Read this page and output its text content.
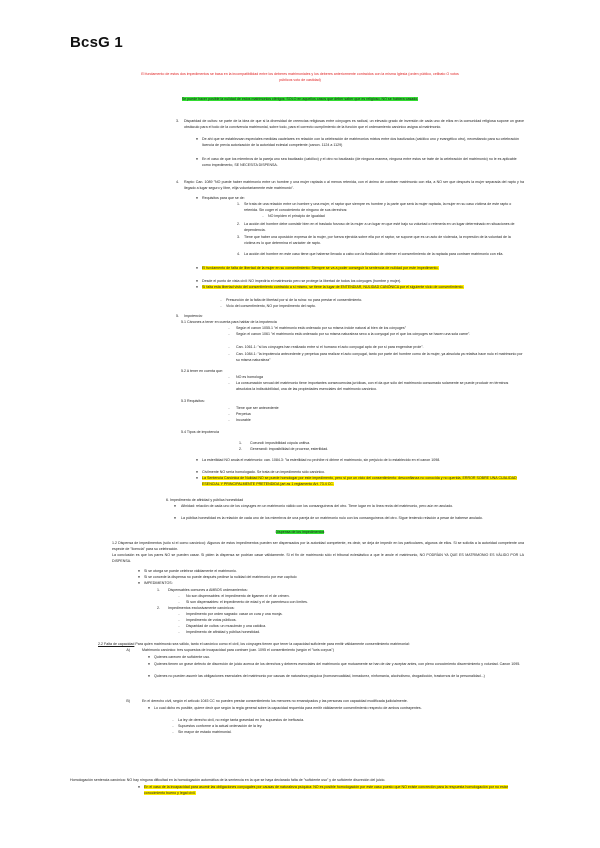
BcsG 1
El fundamento de estos dos impedimentos se basa en la incompatibilidad entre los deberes matrimoniales y los deberes anteriormente contraídos con la misma Iglesia (orden público, celibato O votos públicos voto de castidad)
Se puede hacer posible la nulidad de estos matrimonios clérigos: SOLO en aquellos casos que deber saber que es religioso, NO se hubiera casado.
3. Disparidad de cultos: se parte de la idea de que si la diversidad de creencias religiosas entre cónyuges es radical, un elevado grado de inversión de cada uno de ellos en la comunidad religiosa supone un grave obstáculo para el todo de la convivencia matrimonial, sobre todo, para el correcto cumplimiento de la función que el ordenamiento canónico asigna al matrimonio.
●	De ahí que se establezcan especiales medidas cautelares en relación con la celebración de matrimonios mixtos entre dos bautizados (católico uno y evangélico otro), necesitando para su celebración licencia de previa autorización de la autoridad eclesial competente (canon. 1124 a 1129)
●	En el caso de que los miembros de la pareja uno sea bautizado (católico) y el otro no bautizado (de ninguna manera, ninguna entre estos se trate de la celebración del matrimonio) no le es aplicable como impedimento, SE NECESITA DISPENSA.
4. Rapto: Can. 1089 "NO puede haber matrimonio entre un hombre y una mujer raptada o al menos retenida, con el ánimo de contraer matrimonio con ella, a NO ser que después la mujer separada del rapto y ha llegado a lugar seguro y libre, elija voluntariamente este matrimonio".
●	Requisitos para que se de:
1. Se trata de una relación entre un hombre y una mujer, el raptor que siempre es hombre y la parte que será la mujer raptada, la mujer en su caso víctima de este rapto o retenida. Sin coger el conocimiento de ninguno de sus derechos:
-	NO impiden el principio de igualdad
2. La acción del hombre debe consistir bien en el traslado forzoso de la mujer a un lugar en que esté bajo su voluntad o retenerla en un lugar determinado en situaciones de dependencia.
3. Tiene que haber una oposición expresa de la mujer, por fuerza ejercida sobre ella por el raptor, se supone que es un acto de violencia, la expresión de la voluntad de la víctima es lo que determina el carácter de rapto.
4. La acción del hombre en este caso tiene que haberse llevado a cabo con la finalidad de obtener el consentimiento de la raptada para contraer matrimonio con ella.
●	El fundamento de falta de libertad de la mujer en su consentimiento: Siempre se va a poder conseguir la sentencia de nulidad por este impedimento.
●	Desde el punto de vista civil: NO impediría el matrimonio pero se protege la libertad de todos los cónyuges (hombre y mujer).
●	Si falta esta libertad visto del consentimiento contraído a sí mismo, se tiene la lugar de ENTENDIAR, NULIDAD CANÓNICA por el siguiente vicio de consentimiento.
-	Presunción de la falta de libertad por si de la ruina: no para prestar el consentimiento.
-	Vicio del consentimiento, NO por impedimento del rapto.
5. Impotencia:
5.1 Cánones a tener en cuenta para hablar de la impotencia
-	Según el canon 1055.1 "el matrimonio está ordenado por su misma índole natural al bien de los cónyuges"
-	Según el canon 1061 "el matrimonio está ordenado por su misma naturaleza sexo a la conyugal por el que los cónyuges se hacen una sola carne".
-	Can. 1061.1: "si los cónyuges han realizado entre sí el humano el acto conyugal apto de por sí para engendrar prole".
-	Can. 1084.1: "la impotencia antecedente y perpetua para realizar el acto conyugal, tanto por parte del hombre como de la mujer, ya absoluta ya relativa hace nulo el matrimonio por su misma naturaleza"
5.2 A tener en cuenta que:
-	NO es homologa
-	La consumación sexual del matrimonio tiene importantes consecuencias jurídicas, con el da que sólo del matrimonio consumado solamente se puede producir en términos absolutos la indisolubilidad, una de las propiedades esenciales del matrimonio canónico.
5.3 Requisitos:
-	Tiene que ser antecedente
-	Perpetua
-	Incurable
5.4 Tipos de impotencia
1. Coeundi: imposibilidad cópula unitiva.
2. Generandi: imposibilidad de procrear, esterilidad.
●	La esterilidad NO anula el matrimonio: can. 1084.3: "la esterilidad no prohíbe ni dirime el matrimonio, sin perjuicio de lo establecido en el canon 1098.
●	Civilmente NO sería homologado. Se trata de un impedimento sólo canónico.
●	La Sentencia Canónica de Nulidad NO se puede homologar por este impedimento, pero si por un vicio del consentimiento: desconfianza no conocida y no querida, ERROR SOBRE UNA CUALIDAD ESENCIAL Y PRINCIPALMENTE PRETENDIDA (art as 1 reglamento Art. 73.4 CC.
6. Impedimento de afinidad y pública honestidad
●	Afinidad: relación de cada uno de los cónyuges en un matrimonio válido con los consanguíneos del otro. Tiene lugar en la línea recta del matrimonio, pero aún en anulado.
●	La pública honestidad es la relación de cada uno de los miembros de una pareja de un matrimonio nulo con los consanguíneos del otro. Sigue teniendo relación a pesar de haberse anulado.
Dispensa de los impedimentos
1.2 Dispensa de impedimentos (sólo si el como canónico): Algunos de estos impedimentos pueden ser dispensados por la autoridad competente, es decir, se deja de impedir en los particulares, algunos de ellos. Si se solicita a la autoridad competente una especie de "licencia" para su celebración.
La conclusión es que los pares NO se pueden casar. Si piden la dispensa se podrían casar válidamente. Si el fin de matrimonio sólo el tribunal eclesiástico a que le anule el matrimonio, NO PODRÍAN YA QUE ES MATRIMONIO ES VÁLIDO POR LA DISPENSA.
●	Si se otorga se puede celebrar válidamente el matrimonio.
●	Si se concede la dispensa no puede después pedirse la nulidad del matrimonio por ese capítulo
●	IMPEDIMENTOS:
1. Dispensables comunes a AMBOS ordenamientos:
-	No son dispensables: el impedimento de ligamen ni el de crimen.
-	Si son dispensables: el impedimento de edad y el de parentesco con límites.
2. Impedimentos exclusivamente canónicos:
-	Impedimento por orden sagrado: casar un cura y una monja.
-	Impedimento de votos públicos.
-	Disparidad de cultos: un musulmán y una católica.
-	Impedimento de afinidad y pública honestidad.
2.2 Falta de capacidad Para quien matrimonio sea válido, tanto el canónico como el civil, los cónyuges tienen que tener la capacidad suficiente para emitir válidamente consentimiento matrimonial:
A)	Matrimonio canónico: tres supuestos de incapacidad para contraer (can. 1095 el consentimiento (según el "iuris corpus")
●	Quienes carecen de suficiente uso.
●	Quienes tienen un grave defecto de discreción de juicio acerca de los derechos y deberes esenciales del matrimonio que mutuamente se han de dar y aceptar antes, con pleno conocimiento discernimiento y voluntad. Canon 1095.
●	Quienes no pueden asumir las obligaciones esenciales del matrimonio por causas de naturaleza psíquica (homosexualidad, inmadurez, ninfomanía, alcoholismo, drogadicción, trastornos de la personalidad...)
B)	En el derecho civil, según el artículo 1045 CC no pueden prestar consentimiento los menores no emancipados y las personas con capacidad modificada judicialmente.
●	Lo cual dicho es posible, quiere decir que según la regla general sobre la capacidad requerida para emitir válidamente consentimiento respecto de ambos contrayentes.
-	La ley de derecho civil, no exige tanta gravedad en los supuestos de ineficacia.
-	Supuestos conforme a la actual ordenación de la ley.
-	Sin mayor de estado matrimonial.
Homologación sentencia canónica: NO hay ninguna dificultad en la homologación automática de la sentencia en la que se haya declarado falta de "suficiente uso" y de suficiente discreción del juicio.
●	En el caso de la incapacidad para asumir las obligaciones conyugales por causas de naturaleza psíquica: NO es posible homologación por este caso puesto que NO existe concreción para la respuesta homologación por no estar conocimiento bueno y legal civil.
